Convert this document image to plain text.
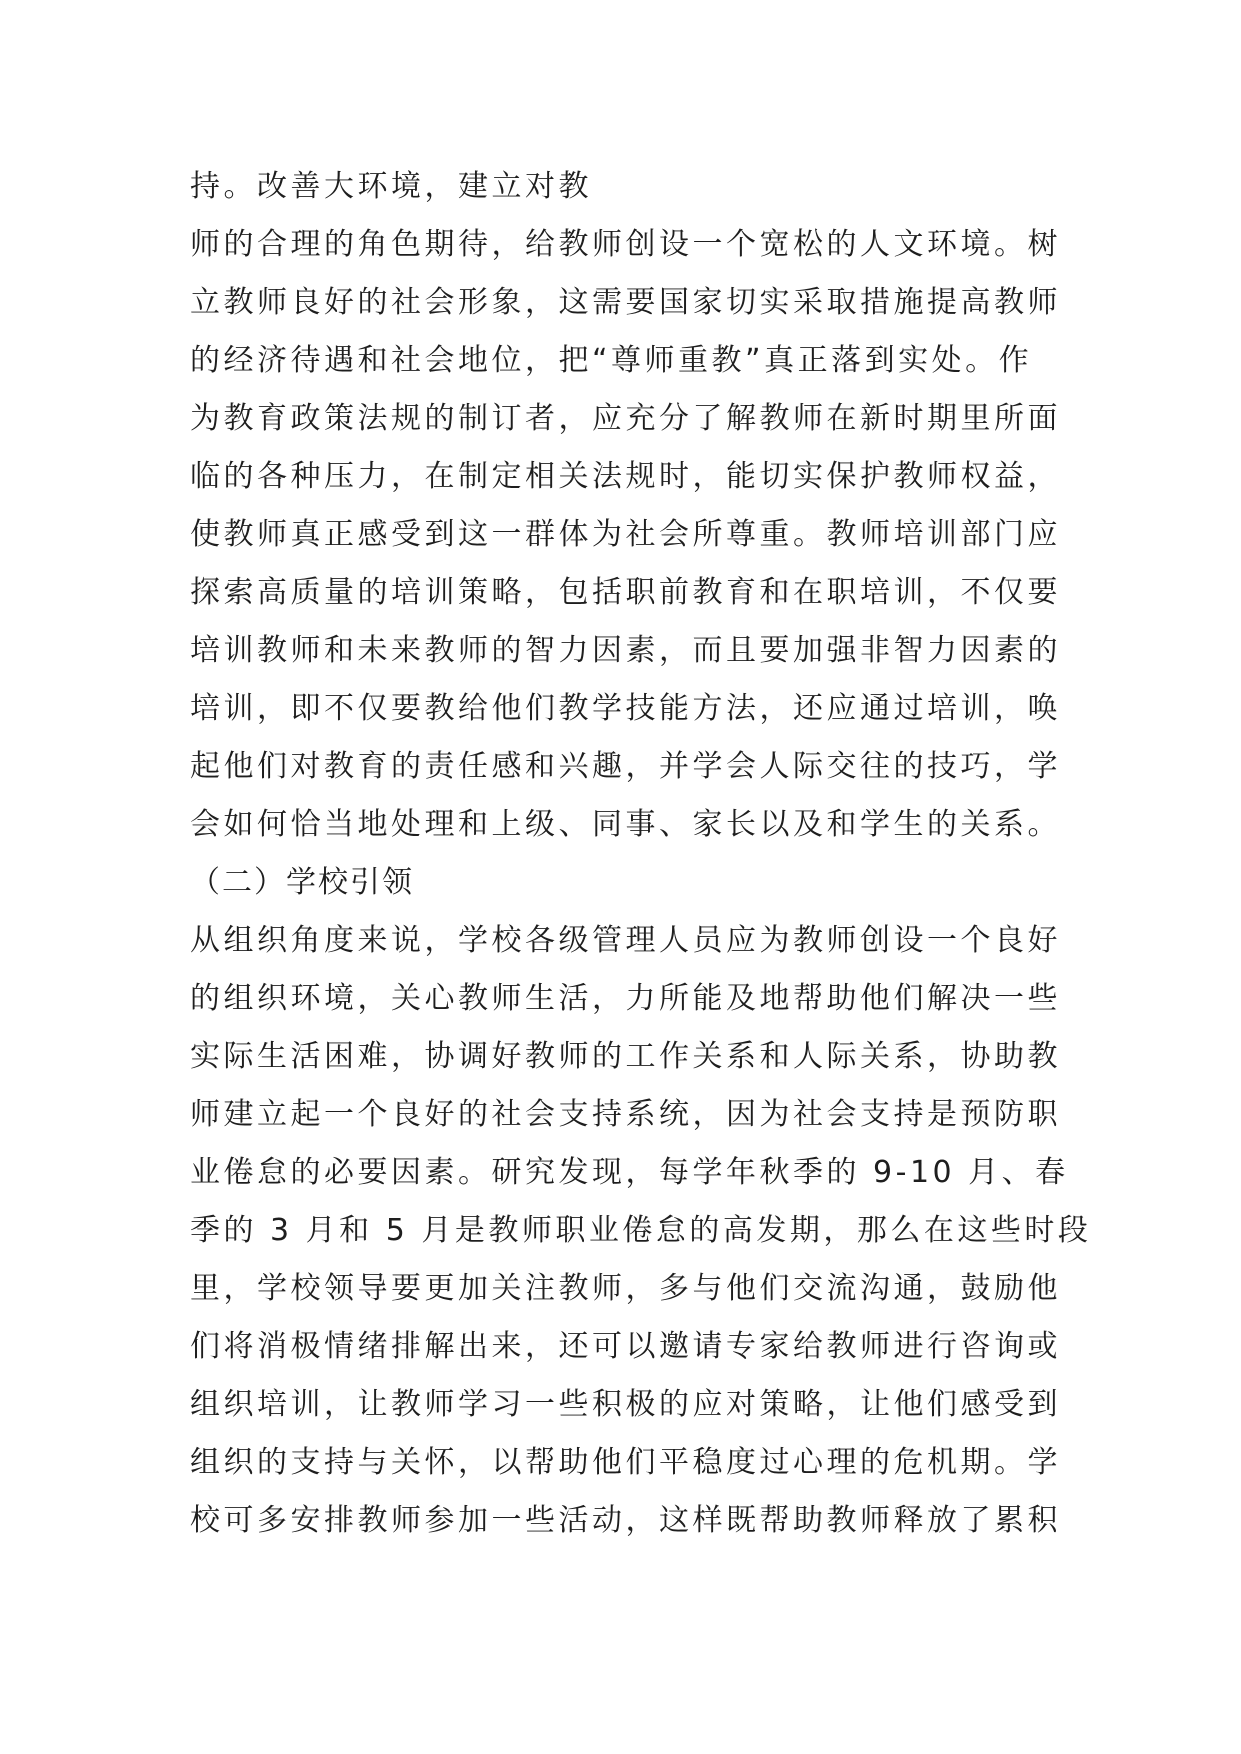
持。改善大环境，建立对教
师的合理的角色期待，给教师创设一个宽松的人文环境。树
立教师良好的社会形象，这需要国家切实采取措施提高教师
的经济待遇和社会地位，把“尊师重教”真正落到实处。作
为教育政策法规的制订者，应充分了解教师在新时期里所面
临的各种压力，在制定相关法规时，能切实保护教师权益，
使教师真正感受到这一群体为社会所尊重。教师培训部门应
探索高质量的培训策略，包括职前教育和在职培训，不仅要
培训教师和未来教师的智力因素，而且要加强非智力因素的
培训，即不仅要教给他们教学技能方法，还应通过培训，唤
起他们对教育的责任感和兴趣，并学会人际交往的技巧，学
会如何恰当地处理和上级、同事、家长以及和学生的关系。
（二）学校引领
从组织角度来说，学校各级管理人员应为教师创设一个良好
的组织环境，关心教师生活，力所能及地帮助他们解决一些
实际生活困难，协调好教师的工作关系和人际关系，协助教
师建立起一个良好的社会支持系统，因为社会支持是预防职
业倦怠的必要因素。研究发现，每学年秋季的 9-10 月、春
季的 3 月和 5 月是教师职业倦怠的高发期，那么在这些时段
里，学校领导要更加关注教师，多与他们交流沟通，鼓励他
们将消极情绪排解出来，还可以邀请专家给教师进行咨询或
组织培训，让教师学习一些积极的应对策略，让他们感受到
组织的支持与关怀，以帮助他们平稳度过心理的危机期。学
校可多安排教师参加一些活动，这样既帮助教师释放了累积
